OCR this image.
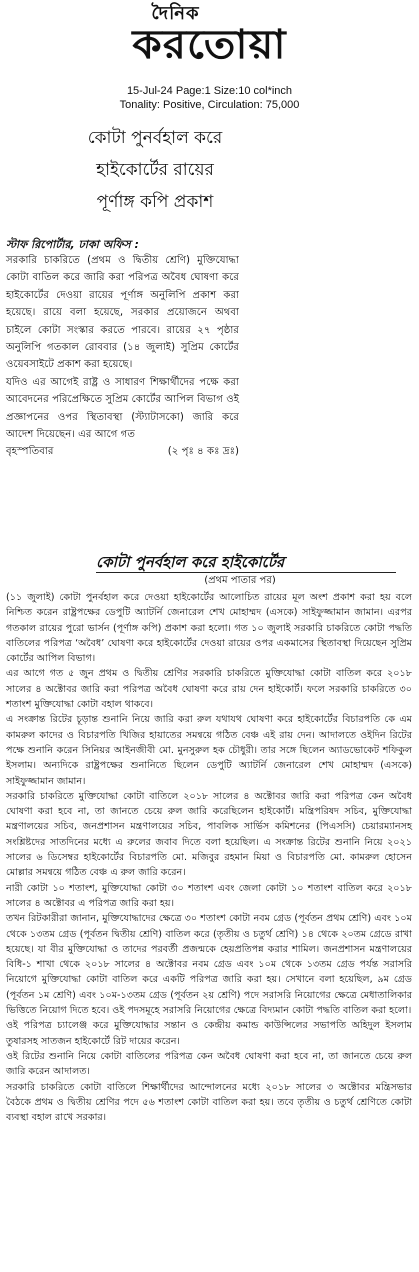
দৈনিক
করতোয়া
15-Jul-24 Page:1 Size:10 col*inch
Tonality: Positive, Circulation: 75,000
কোটা পুনর্বহাল করে
হাইকোর্টের রায়ের
পূর্ণাঙ্গ কপি প্রকাশ
স্টাফ রিপোর্টার, ঢাকা অফিস :

সরকারি চাকরিতে (প্রথম ও দ্বিতীয় শ্রেণি) মুক্তিযোদ্ধা কোটা বাতিল করে জারি করা পরিপত্র অবৈধ ঘোষণা করে হাইকোর্টের দেওয়া রায়ের পূর্ণাঙ্গ অনুলিপি প্রকাশ করা হয়েছে। রায়ে বলা হয়েছে, সরকার প্রয়োজনে অথবা চাইলে কোটা সংস্কার করতে পারবে। রায়ের ২৭ পৃষ্ঠার অনুলিপি গতকাল রোববার (১৪ জুলাই) সুপ্রিম কোর্টের ওয়েবসাইটে প্রকাশ করা হয়েছে।

যদিও এর আগেই রাষ্ট্র ও সাধারণ শিক্ষার্থীদের পক্ষে করা আবেদনের পরিপ্রেক্ষিতে সুপ্রিম কোর্টের আপিল বিভাগ ওই প্রজ্ঞাপনের ওপর স্থিতাবস্থা (স্ট্যাটাসকো) জারি করে আদেশ দিয়েছেন। এর আগে গত

বৃহস্পতিবার	(২ পৃঃ ৪ কঃ দ্রঃ)

কোটা পুনর্বহাল করে হাইকোর্টের
(প্রথম পাতার পর)

(১১ জুলাই) কোটা পুনর্বহাল করে দেওয়া হাইকোর্টের আলোচিত রায়ের মূল অংশ প্রকাশ করা হয় বলে নিশ্চিত করেন রাষ্ট্রপক্ষের ডেপুটি অ্যাটর্নি জেনারেল শেখ মোহাম্মদ (এসকে) সাইফুজ্জামান জামান। এরপর গতকাল রায়ের পুরো ভার্সন (পূর্ণাঙ্গ কপি) প্রকাশ করা হলো। গত ১০ জুলাই সরকারি চাকরিতে কোটা পদ্ধতি বাতিলের পরিপত্র ‘অবৈধ’ ঘোষণা করে হাইকোর্টের দেওয়া রায়ের ওপর একমাসের স্থিতাবস্থা দিয়েছেন সুপ্রিম কোর্টের আপিল বিভাগ।

এর আগে গত ৫ জুন প্রথম ও দ্বিতীয় শ্রেণির সরকারি চাকরিতে মুক্তিযোদ্ধা কোটা বাতিল করে ২০১৮ সালের ৪ অক্টোবর জারি করা পরিপত্র অবৈধ ঘোষণা করে রায় দেন হাইকোর্ট। ফলে সরকারি চাকরিতে ৩০ শতাংশ মুক্তিযোদ্ধা কোটা বহাল থাকবে।

এ সংক্রান্ত রিটের চূড়ান্ত শুনানি নিয়ে জারি করা রুল যথাযথ ঘোষণা করে হাইকোর্টের বিচারপতি কে এম কামরুল কাদের ও বিচারপতি খিজির হায়াতের সমন্বয়ে গঠিত বেঞ্চ এই রায় দেন। আদালতে ওইদিন রিটের পক্ষে শুনানি করেন সিনিয়র আইনজীবী মো. মুনসুরুল হক চৌধুরী। তার সঙ্গে ছিলেন অ্যাডভোকেট শফিকুল ইসলাম। অন্যদিকে রাষ্ট্রপক্ষের শুনানিতে ছিলেন ডেপুটি অ্যাটর্নি জেনারেল শেখ মোহাম্মদ (এসকে) সাইফুজ্জামান জামান।

সরকারি চাকরিতে মুক্তিযোদ্ধা কোটা বাতিলে ২০১৮ সালের ৪ অক্টোবর জারি করা পরিপত্র কেন অবৈধ ঘোষণা করা হবে না, তা জানতে চেয়ে রুল জারি করেছিলেন হাইকোর্ট। মন্ত্রিপরিষদ সচিব, মুক্তিযোদ্ধা মন্ত্রণালয়ের সচিব, জনপ্রশাসন মন্ত্রণালয়ের সচিব, পাবলিক সার্ভিস কমিশনের (পিএসসি) চেয়ারম্যানসহ সংশ্লিষ্টদের সাতদিনের মধ্যে এ রুলের জবাব দিতে বলা হয়েছিল। এ সংক্রান্ত রিটের শুনানি নিয়ে ২০২১ সালের ৬ ডিসেম্বর হাইকোর্টের বিচারপতি মো. মজিবুর রহমান মিয়া ও বিচারপতি মো. কামরুল হোসেন মোল্লার সমন্বয়ে গঠিত বেঞ্চ এ রুল জারি করেন।

নারী কোটা ১০ শতাংশ, মুক্তিযোদ্ধা কোটা ৩০ শতাংশ এবং জেলা কোটা ১০ শতাংশ বাতিল করে ২০১৮ সালের ৪ অক্টোবর এ পরিপত্র জারি করা হয়।

তখন রিটকারীরা জানান, মুক্তিযোদ্ধাদের ক্ষেত্রে ৩০ শতাংশ কোটা নবম গ্রেড (পূর্বতন প্রথম শ্রেণি) এবং ১০ম থেকে ১৩তম গ্রেড (পূর্বতন দ্বিতীয় শ্রেণি) বাতিল করে (তৃতীয় ও চতুর্থ শ্রেণি) ১৪ থেকে ২০তম গ্রেডে রাখা হয়েছে। যা বীর মুক্তিযোদ্ধা ও তাদের পরবর্তী প্রজন্মকে হেয়প্রতিপন্ন করার শামিল। জনপ্রশাসন মন্ত্রণালয়ের বিধি-১ শাখা থেকে ২০১৮ সালের ৪ অক্টোবর নবম গ্রেড এবং ১০ম থেকে ১৩তম গ্রেড পর্যন্ত সরাসরি নিয়োগে মুক্তিযোদ্ধা কোটা বাতিল করে একটি পরিপত্র জারি করা হয়। সেখানে বলা হয়েছিল, ৯ম গ্রেড (পূর্বতন ১ম শ্রেণি) এবং ১০ম-১৩তম গ্রেড (পূর্বতন ২য় শ্রেণি) পদে সরাসরি নিয়োগের ক্ষেত্রে মেধাতালিকার ভিত্তিতে নিয়োগ দিতে হবে। ওই পদসমূহে সরাসরি নিয়োগের ক্ষেত্রে বিদ্যমান কোটা পদ্ধতি বাতিল করা হলো।

ওই পরিপত্র চ্যালেঞ্জ করে মুক্তিযোদ্ধার সন্তান ও কেন্দ্রীয় কমান্ড কাউন্সিলের সভাপতি অহিদুল ইসলাম তুষারসহ সাতজন হাইকোর্টে রিট দায়ের করেন।

ওই রিটের শুনানি নিয়ে কোটা বাতিলের পরিপত্র কেন অবৈধ ঘোষণা করা হবে না, তা জানতে চেয়ে রুল জারি করেন আদালত।

সরকারি চাকরিতে কোটা বাতিলে শিক্ষার্থীদের আন্দোলনের মধ্যে ২০১৮ সালের ৩ অক্টোবর মন্ত্রিসভার বৈঠকে প্রথম ও দ্বিতীয় শ্রেণির পদে ৫৬ শতাংশ কোটা বাতিল করা হয়। তবে তৃতীয় ও চতুর্থ শ্রেণিতে কোটা ব্যবস্থা বহাল রাখে সরকার।
